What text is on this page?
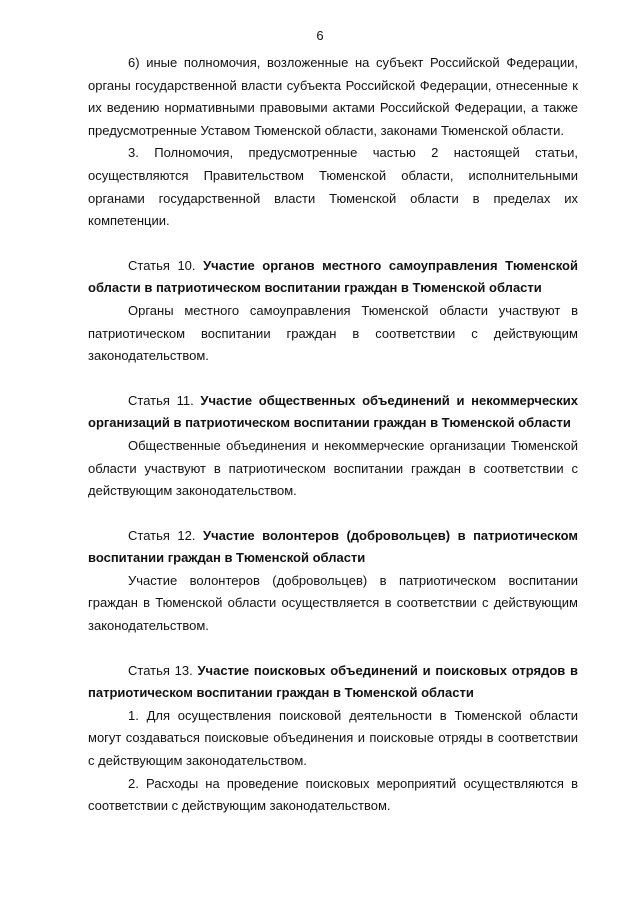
6

6) иные полномочия, возложенные на субъект Российской Федерации, органы государственной власти субъекта Российской Федерации, отнесенные к их ведению нормативными правовыми актами Российской Федерации, а также предусмотренные Уставом Тюменской области, законами Тюменской области.

3. Полномочия, предусмотренные частью 2 настоящей статьи, осуществляются Правительством Тюменской области, исполнительными органами государственной власти Тюменской области в пределах их компетенции.

Статья 10. Участие органов местного самоуправления Тюменской области в патриотическом воспитании граждан в Тюменской области

Органы местного самоуправления Тюменской области участвуют в патриотическом воспитании граждан в соответствии с действующим законодательством.

Статья 11. Участие общественных объединений и некоммерческих организаций в патриотическом воспитании граждан в Тюменской области

Общественные объединения и некоммерческие организации Тюменской области участвуют в патриотическом воспитании граждан в соответствии с действующим законодательством.

Статья 12. Участие волонтеров (добровольцев) в патриотическом воспитании граждан в Тюменской области

Участие волонтеров (добровольцев) в патриотическом воспитании граждан в Тюменской области осуществляется в соответствии с действующим законодательством.

Статья 13. Участие поисковых объединений и поисковых отрядов в патриотическом воспитании граждан в Тюменской области

1. Для осуществления поисковой деятельности в Тюменской области могут создаваться поисковые объединения и поисковые отряды в соответствии с действующим законодательством.

2. Расходы на проведение поисковых мероприятий осуществляются в соответствии с действующим законодательством.
